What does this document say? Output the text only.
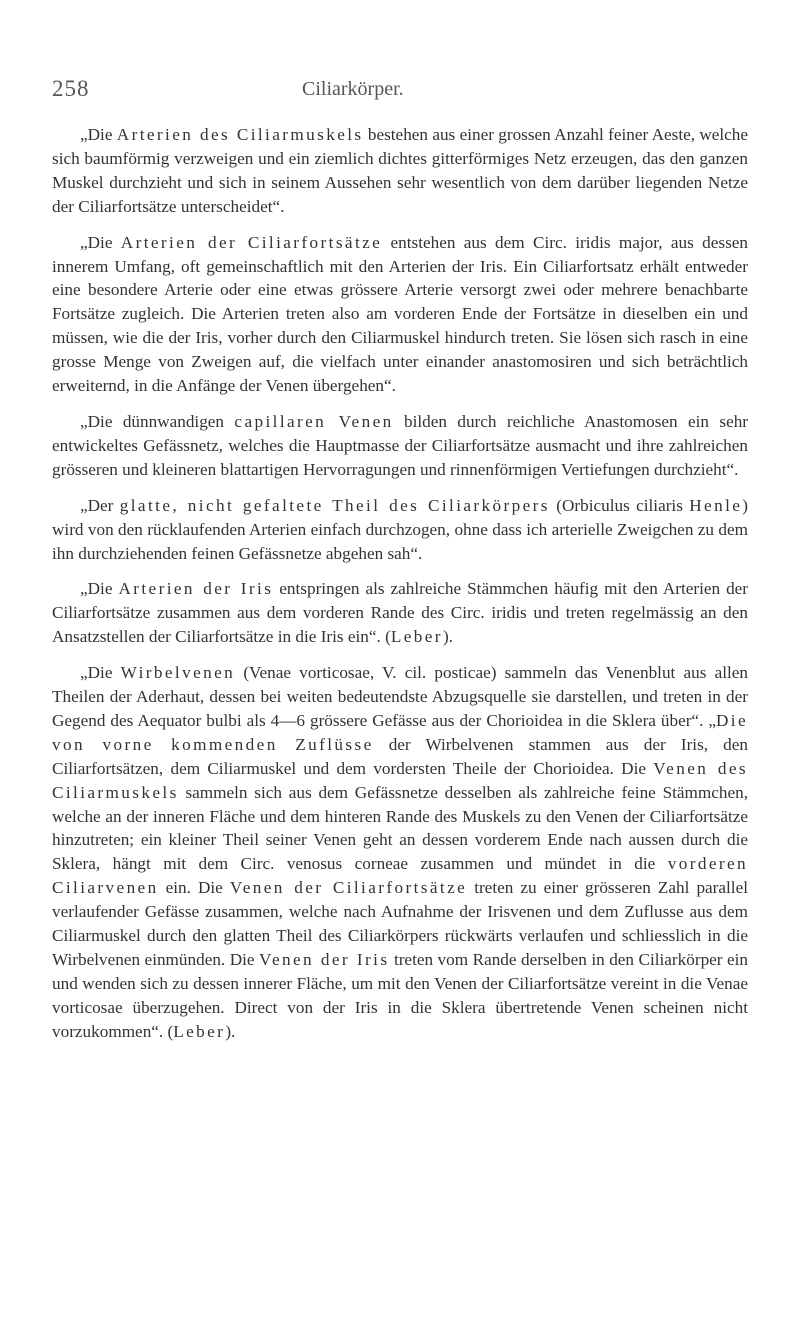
258	Ciliarkörper.

„Die Arterien des Ciliarmuskels bestehen aus einer grossen Anzahl feiner Aeste, welche sich baumförmig verzweigen und ein ziemlich dichtes gitterförmiges Netz erzeugen, das den ganzen Muskel durchzieht und sich in seinem Aussehen sehr wesentlich von dem darüber liegenden Netze der Ciliarfortsätze unterscheidet“.

„Die Arterien der Ciliarfortsätze entstehen aus dem Circ. iridis major, aus dessen innerem Umfang, oft gemeinschaftlich mit den Arterien der Iris. Ein Ciliarfortsatz erhält entweder eine besondere Arterie oder eine etwas grössere Arterie versorgt zwei oder mehrere benachbarte Fortsätze zugleich. Die Arterien treten also am vorderen Ende der Fortsätze in dieselben ein und müssen, wie die der Iris, vorher durch den Ciliarmuskel hindurch treten. Sie lösen sich rasch in eine grosse Menge von Zweigen auf, die vielfach unter einander anastomosiren und sich beträchtlich erweiternd, in die Anfänge der Venen übergehen“.

„Die dünnwandigen capillaren Venen bilden durch reichliche Anastomosen ein sehr entwickeltes Gefässnetz, welches die Hauptmasse der Ciliarfortsätze ausmacht und ihre zahlreichen grösseren und kleineren blattartigen Hervorragungen und rinnenförmigen Vertiefungen durchzieht“.

„Der glatte, nicht gefaltete Theil des Ciliarkörpers (Orbiculus ciliaris Henle) wird von den rücklaufenden Arterien einfach durchzogen, ohne dass ich arterielle Zweigchen zu dem ihn durchziehenden feinen Gefässnetze abgehen sah“.

„Die Arterien der Iris entspringen als zahlreiche Stämmchen häufig mit den Arterien der Ciliarfortsätze zusammen aus dem vorderen Rande des Circ. iridis und treten regelmässig an den Ansatzstellen der Ciliarfortsätze in die Iris ein“. (Leber).

„Die Wirbelvenen (Venae vorticosae, V. cil. posticae) sammeln das Venenblut aus allen Theilen der Aderhaut, dessen bei weiten bedeutendste Abzugsquelle sie darstellen, und treten in der Gegend des Aequator bulbi als 4—6 grössere Gefässe aus der Chorioidea in die Sklera über“. „Die von vorne kommenden Zuflüsse der Wirbelvenen stammen aus der Iris, den Ciliarfortsätzen, dem Ciliarmuskel und dem vordersten Theile der Chorioidea. Die Venen des Ciliarmuskels sammeln sich aus dem Gefässnetze desselben als zahlreiche feine Stämmchen, welche an der inneren Fläche und dem hinteren Rande des Muskels zu den Venen der Ciliarfortsätze hinzutreten; ein kleiner Theil seiner Venen geht an dessen vorderem Ende nach aussen durch die Sklera, hängt mit dem Circ. venosus corneae zusammen und mündet in die vorderen Ciliarvenen ein. Die Venen der Ciliarfortsätze treten zu einer grösseren Zahl parallel verlaufender Gefässe zusammen, welche nach Aufnahme der Irisvenen und dem Zuflusse aus dem Ciliarmuskel durch den glatten Theil des Ciliarkörpers rückwärts verlaufen und schliesslich in die Wirbelvenen einmünden. Die Venen der Iris treten vom Rande derselben in den Ciliarkörper ein und wenden sich zu dessen innerer Fläche, um mit den Venen der Ciliarfortsätze vereint in die Venae vorticosae überzugehen. Direct von der Iris in die Sklera übertretende Venen scheinen nicht vorzukommen“. (Leber).
